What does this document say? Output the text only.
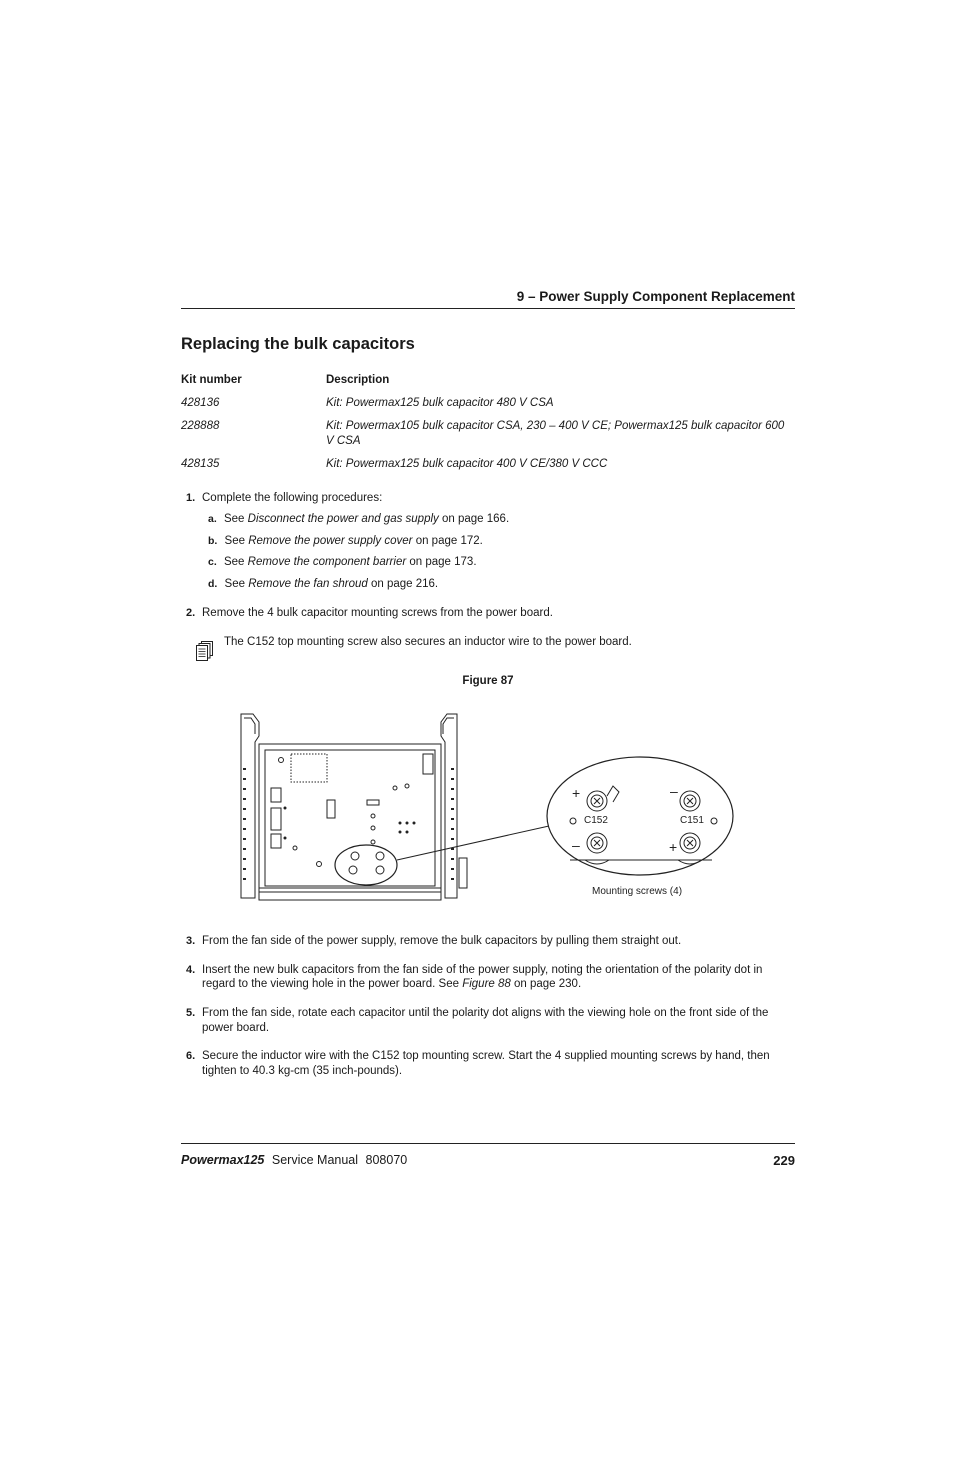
9 – Power Supply Component Replacement
Replacing the bulk capacitors
Kit number	Description
428136	Kit: Powermax125 bulk capacitor 480 V CSA
228888	Kit: Powermax105 bulk capacitor CSA, 230 – 400 V CE; Powermax125 bulk capacitor 600 V CSA
428135	Kit: Powermax125 bulk capacitor 400 V CE/380 V CCC
1. Complete the following procedures:
a. See Disconnect the power and gas supply on page 166.
b. See Remove the power supply cover on page 172.
c. See Remove the component barrier on page 173.
d. See Remove the fan shroud on page 216.
2. Remove the 4 bulk capacitor mounting screws from the power board.
The C152 top mounting screw also secures an inductor wire to the power board.
Figure 87
+
–
–
+
C152	C151
Mounting screws (4)
3. From the fan side of the power supply, remove the bulk capacitors by pulling them straight out.
4. Insert the new bulk capacitors from the fan side of the power supply, noting the orientation of the polarity dot in
regard to the viewing hole in the power board. See Figure 88 on page 230.
5. From the fan side, rotate each capacitor until the polarity dot aligns with the viewing hole on the front side of the
power board.
6. Secure the inductor wire with the C152 top mounting screw. Start the 4 supplied mounting screws by hand, then
tighten to 40.3 kg-cm (35 inch-pounds).
Powermax125 Service Manual 808070	229
